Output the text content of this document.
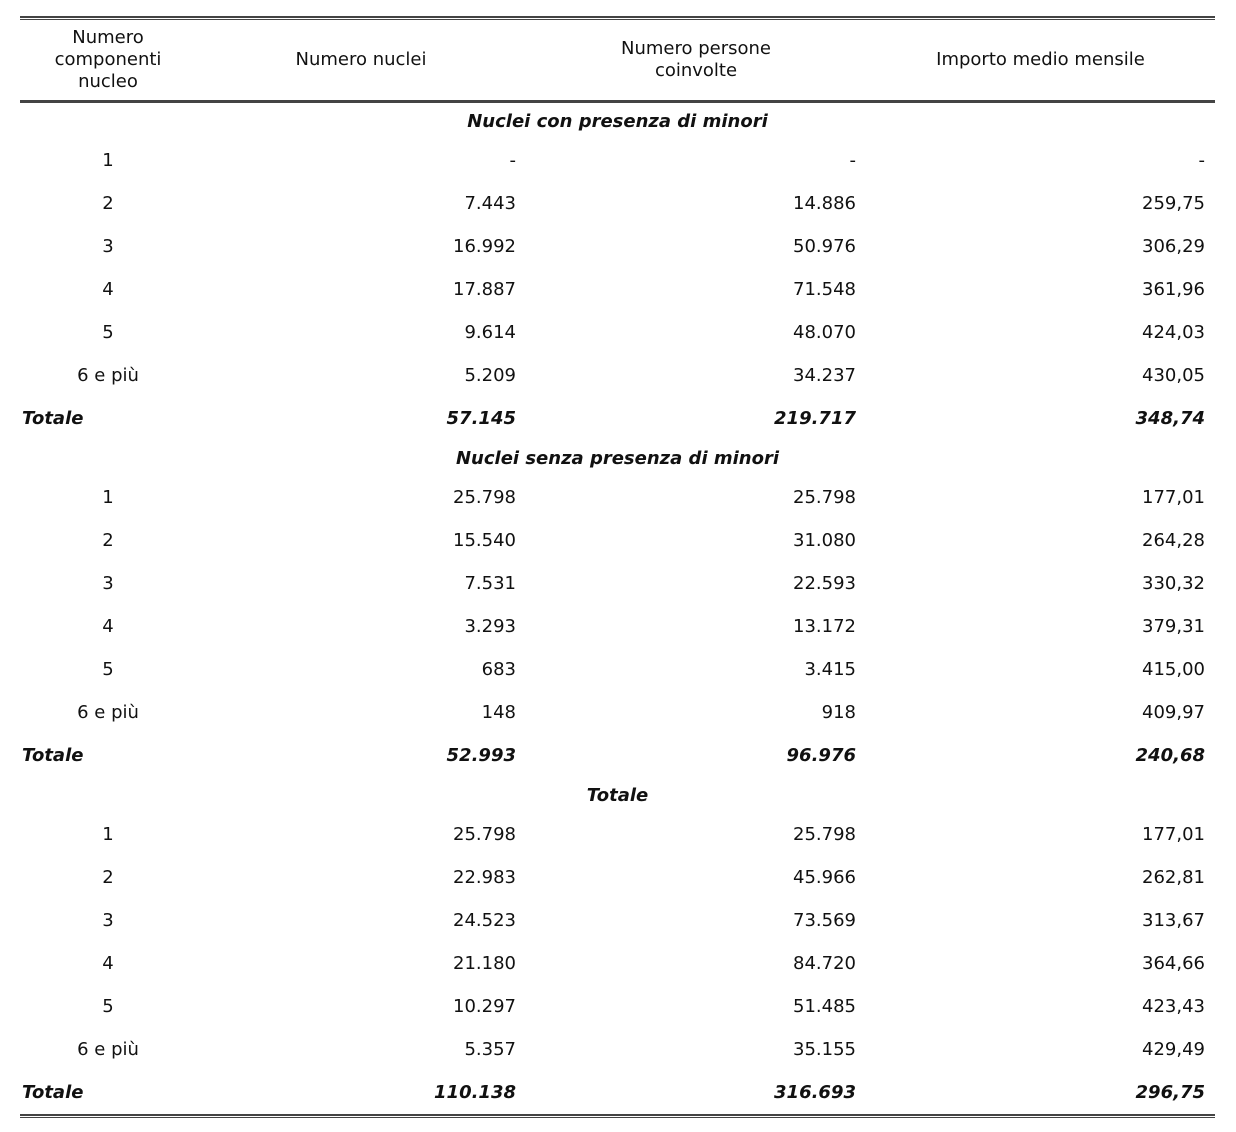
Numero componenti nucleo	Numero nuclei	Numero persone coinvolte	Importo medio mensile

Nuclei con presenza di minori			
1	-	-	-
2	7.443	14.886	259,75
3	16.992	50.976	306,29
4	17.887	71.548	361,96
5	9.614	48.070	424,03
6 e più	5.209	34.237	430,05
Totale	57.145	219.717	348,74
Nuclei senza presenza di minori			
1	25.798	25.798	177,01
2	15.540	31.080	264,28
3	7.531	22.593	330,32
4	3.293	13.172	379,31
5	683	3.415	415,00
6 e più	148	918	409,97
Totale	52.993	96.976	240,68
Totale			
1	25.798	25.798	177,01
2	22.983	45.966	262,81
3	24.523	73.569	313,67
4	21.180	84.720	364,66
5	10.297	51.485	423,43
6 e più	5.357	35.155	429,49
Totale	110.138	316.693	296,75
